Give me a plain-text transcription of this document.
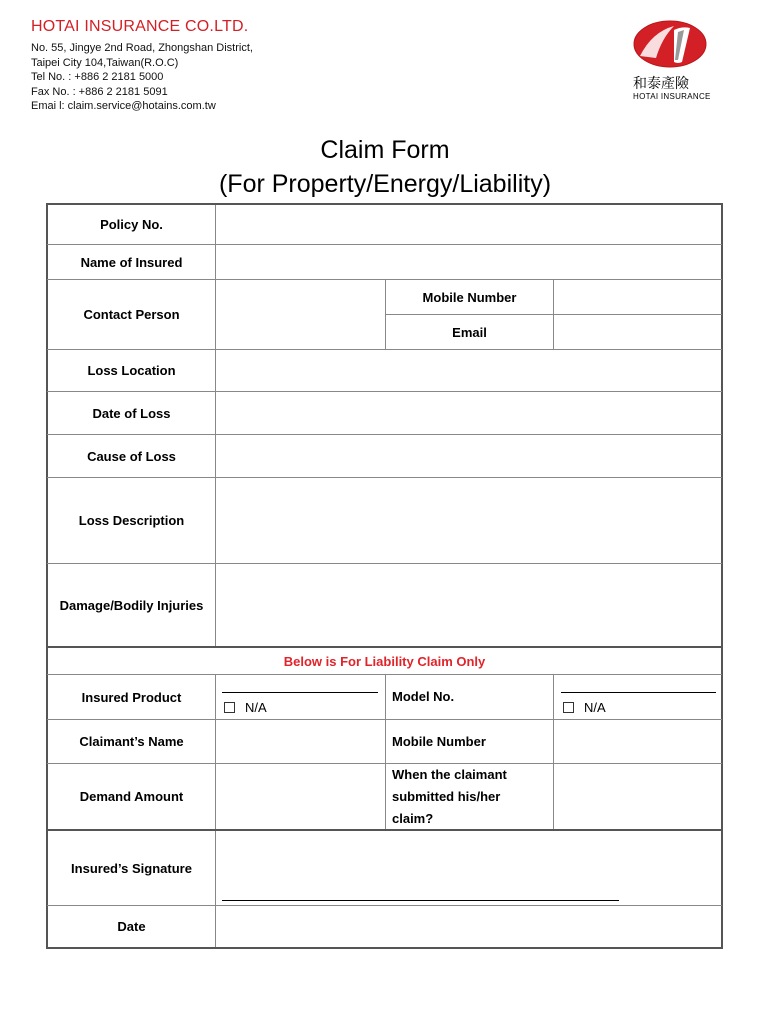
HOTAI INSURANCE CO.LTD.
No. 55, Jingye 2nd Road, Zhongshan District,
Taipei City 104,Taiwan(R.O.C)
Tel No. : +886 2 2181 5000
Fax No. : +886 2 2181 5091
Emai l: claim.service@hotains.com.tw
和泰產險
HOTAI INSURANCE
Claim Form
(For Property/Energy/Liability)
Policy No.
Name of Insured
Contact Person
Mobile Number
Email
Loss Location
Date of Loss
Cause of Loss
Loss Description
Damage/Bodily Injuries
Below is For Liability Claim Only
Insured Product
N/A
Model No.
N/A
Claimant’s Name	Mobile Number
Demand Amount
When the claimant
submitted his/her
claim?
Insured’s Signature
Date
